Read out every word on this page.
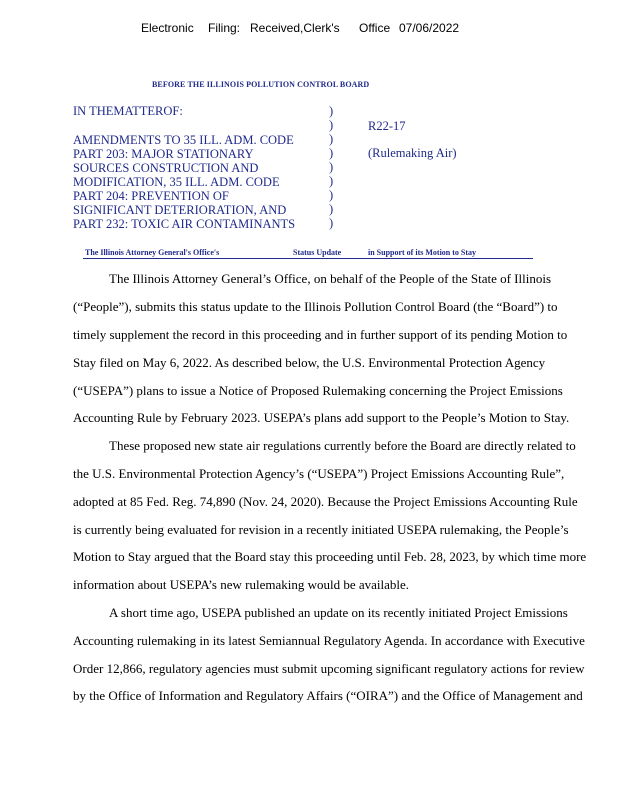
Electronic Filing: Received,Clerk's Office 07/06/2022
BEFORE THE ILLINOIS POLLUTION CONTROL BOARD
IN THEMATTEROF:
AMENDMENTS TO 35 ILL. ADM. CODE
PART 203: MAJOR STATIONARY
SOURCES CONSTRUCTION AND
MODIFICATION, 35 ILL. ADM. CODE
PART 204: PREVENTION OF
SIGNIFICANT DETERIORATION, AND
PART 232: TOXIC AIR CONTAMINANTS
)
)
)
)
)
)
)
)
)
R22-17
(Rulemaking Air)
The Illinois Attorney General's Office's	Status Update	in Support of its Motion to Stay
The Illinois Attorney General’s Office, on behalf of the People of the State of Illinois
(“People”), submits this status update to the Illinois Pollution Control Board (the “Board”) to
timely supplement the record in this proceeding and in further support of its pending Motion to
Stay filed on May 6, 2022. As described below, the U.S. Environmental Protection Agency
(“USEPA”) plans to issue a Notice of Proposed Rulemaking concerning the Project Emissions
Accounting Rule by February 2023. USEPA’s plans add support to the People’s Motion to Stay.
These proposed new state air regulations currently before the Board are directly related to
the U.S. Environmental Protection Agency’s (“USEPA”) Project Emissions Accounting Rule”,
adopted at 85 Fed. Reg. 74,890 (Nov. 24, 2020). Because the Project Emissions Accounting Rule
is currently being evaluated for revision in a recently initiated USEPA rulemaking, the People’s
Motion to Stay argued that the Board stay this proceeding until Feb. 28, 2023, by which time more
information about USEPA’s new rulemaking would be available.
A short time ago, USEPA published an update on its recently initiated Project Emissions
Accounting rulemaking in its latest Semiannual Regulatory Agenda. In accordance with Executive
Order 12,866, regulatory agencies must submit upcoming significant regulatory actions for review
by the Office of Information and Regulatory Affairs (“OIRA”) and the Office of Management and
